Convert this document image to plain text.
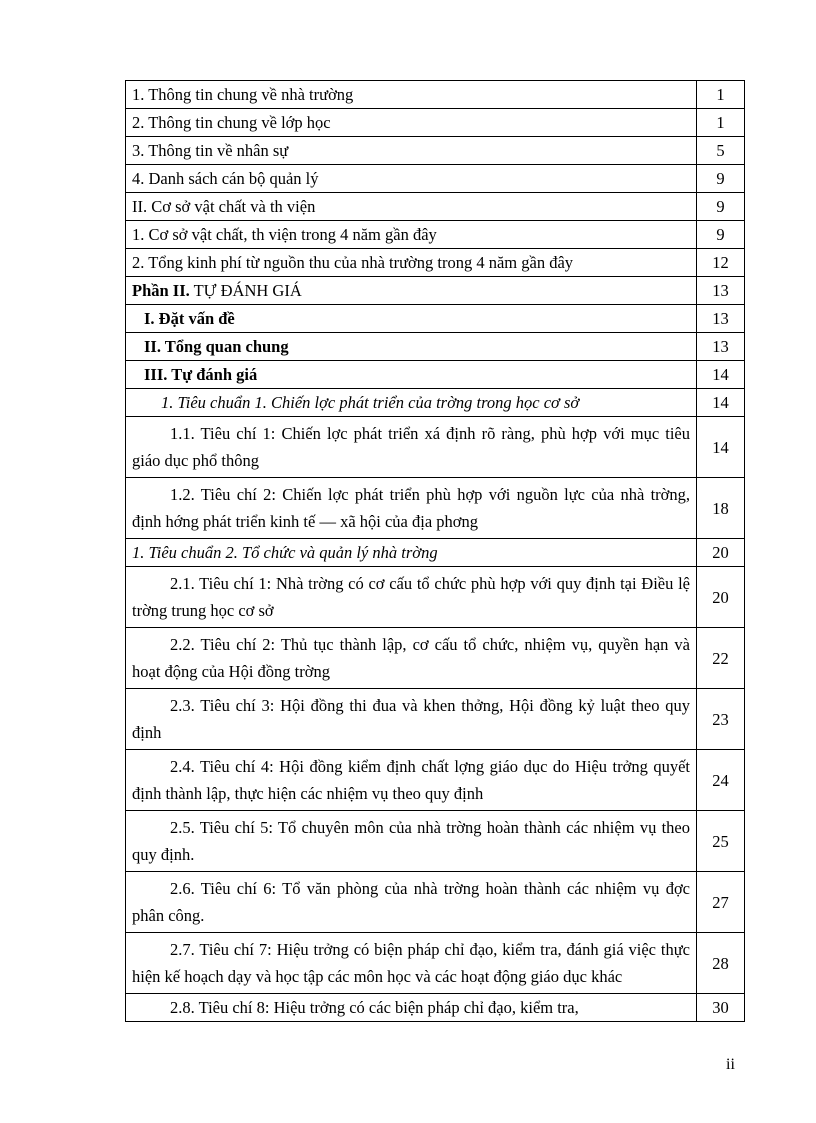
1. Thông tin chung về nhà trường	1
2. Thông tin chung về lớp học	1
3. Thông tin về nhân sự	5
4. Danh sách cán bộ quản lý	9
II. Cơ sở vật chất và th viện	9
1. Cơ sở vật chất, th viện trong 4 năm gần đây	9
2. Tổng kinh phí từ nguồn thu của nhà trường trong 4 năm gần đây	12
Phần II. TỰ ĐÁNH GIÁ	13
I. Đặt vấn đề	13
II. Tổng quan chung	13
III. Tự đánh giá	14
1. Tiêu chuẩn 1. Chiến lợc phát triển của trờng trong học cơ sở	14
1.1. Tiêu chí 1: Chiến lợc phát triển xá định rõ ràng, phù hợp với mục tiêu giáo dục phổ thông	14
1.2. Tiêu chí 2: Chiến lợc phát triển phù hợp với nguồn lực của nhà trờng, định hớng phát triển kinh tế — xã hội của địa phơng	18
1. Tiêu chuẩn 2. Tổ chức và quản lý nhà trờng	20
2.1. Tiêu chí 1: Nhà trờng có cơ cấu tổ chức phù hợp với quy định tại Điều lệ trờng trung học cơ sở	20
2.2. Tiêu chí 2: Thủ tục thành lập, cơ cấu tổ chức, nhiệm vụ, quyền hạn và hoạt động của Hội đồng trờng	22
2.3. Tiêu chí 3: Hội đồng thi đua và khen thởng, Hội đồng kỷ luật theo quy định	23
2.4. Tiêu chí 4: Hội đồng kiểm định chất lợng giáo dục do Hiệu trởng quyết định thành lập, thực hiện các nhiệm vụ theo quy định	24
2.5. Tiêu chí 5: Tổ chuyên môn của nhà trờng hoàn thành các nhiệm vụ theo quy định.	25
2.6. Tiêu chí 6: Tổ văn phòng của nhà trờng hoàn thành các nhiệm vụ đợc phân công.	27
2.7. Tiêu chí 7: Hiệu trởng có biện pháp chỉ đạo, kiểm tra, đánh giá việc thực hiện kế hoạch dạy và học tập các môn học và các hoạt động giáo dục khác	28
2.8. Tiêu chí 8: Hiệu trởng có các biện pháp chỉ đạo, kiểm tra,	30
ii
